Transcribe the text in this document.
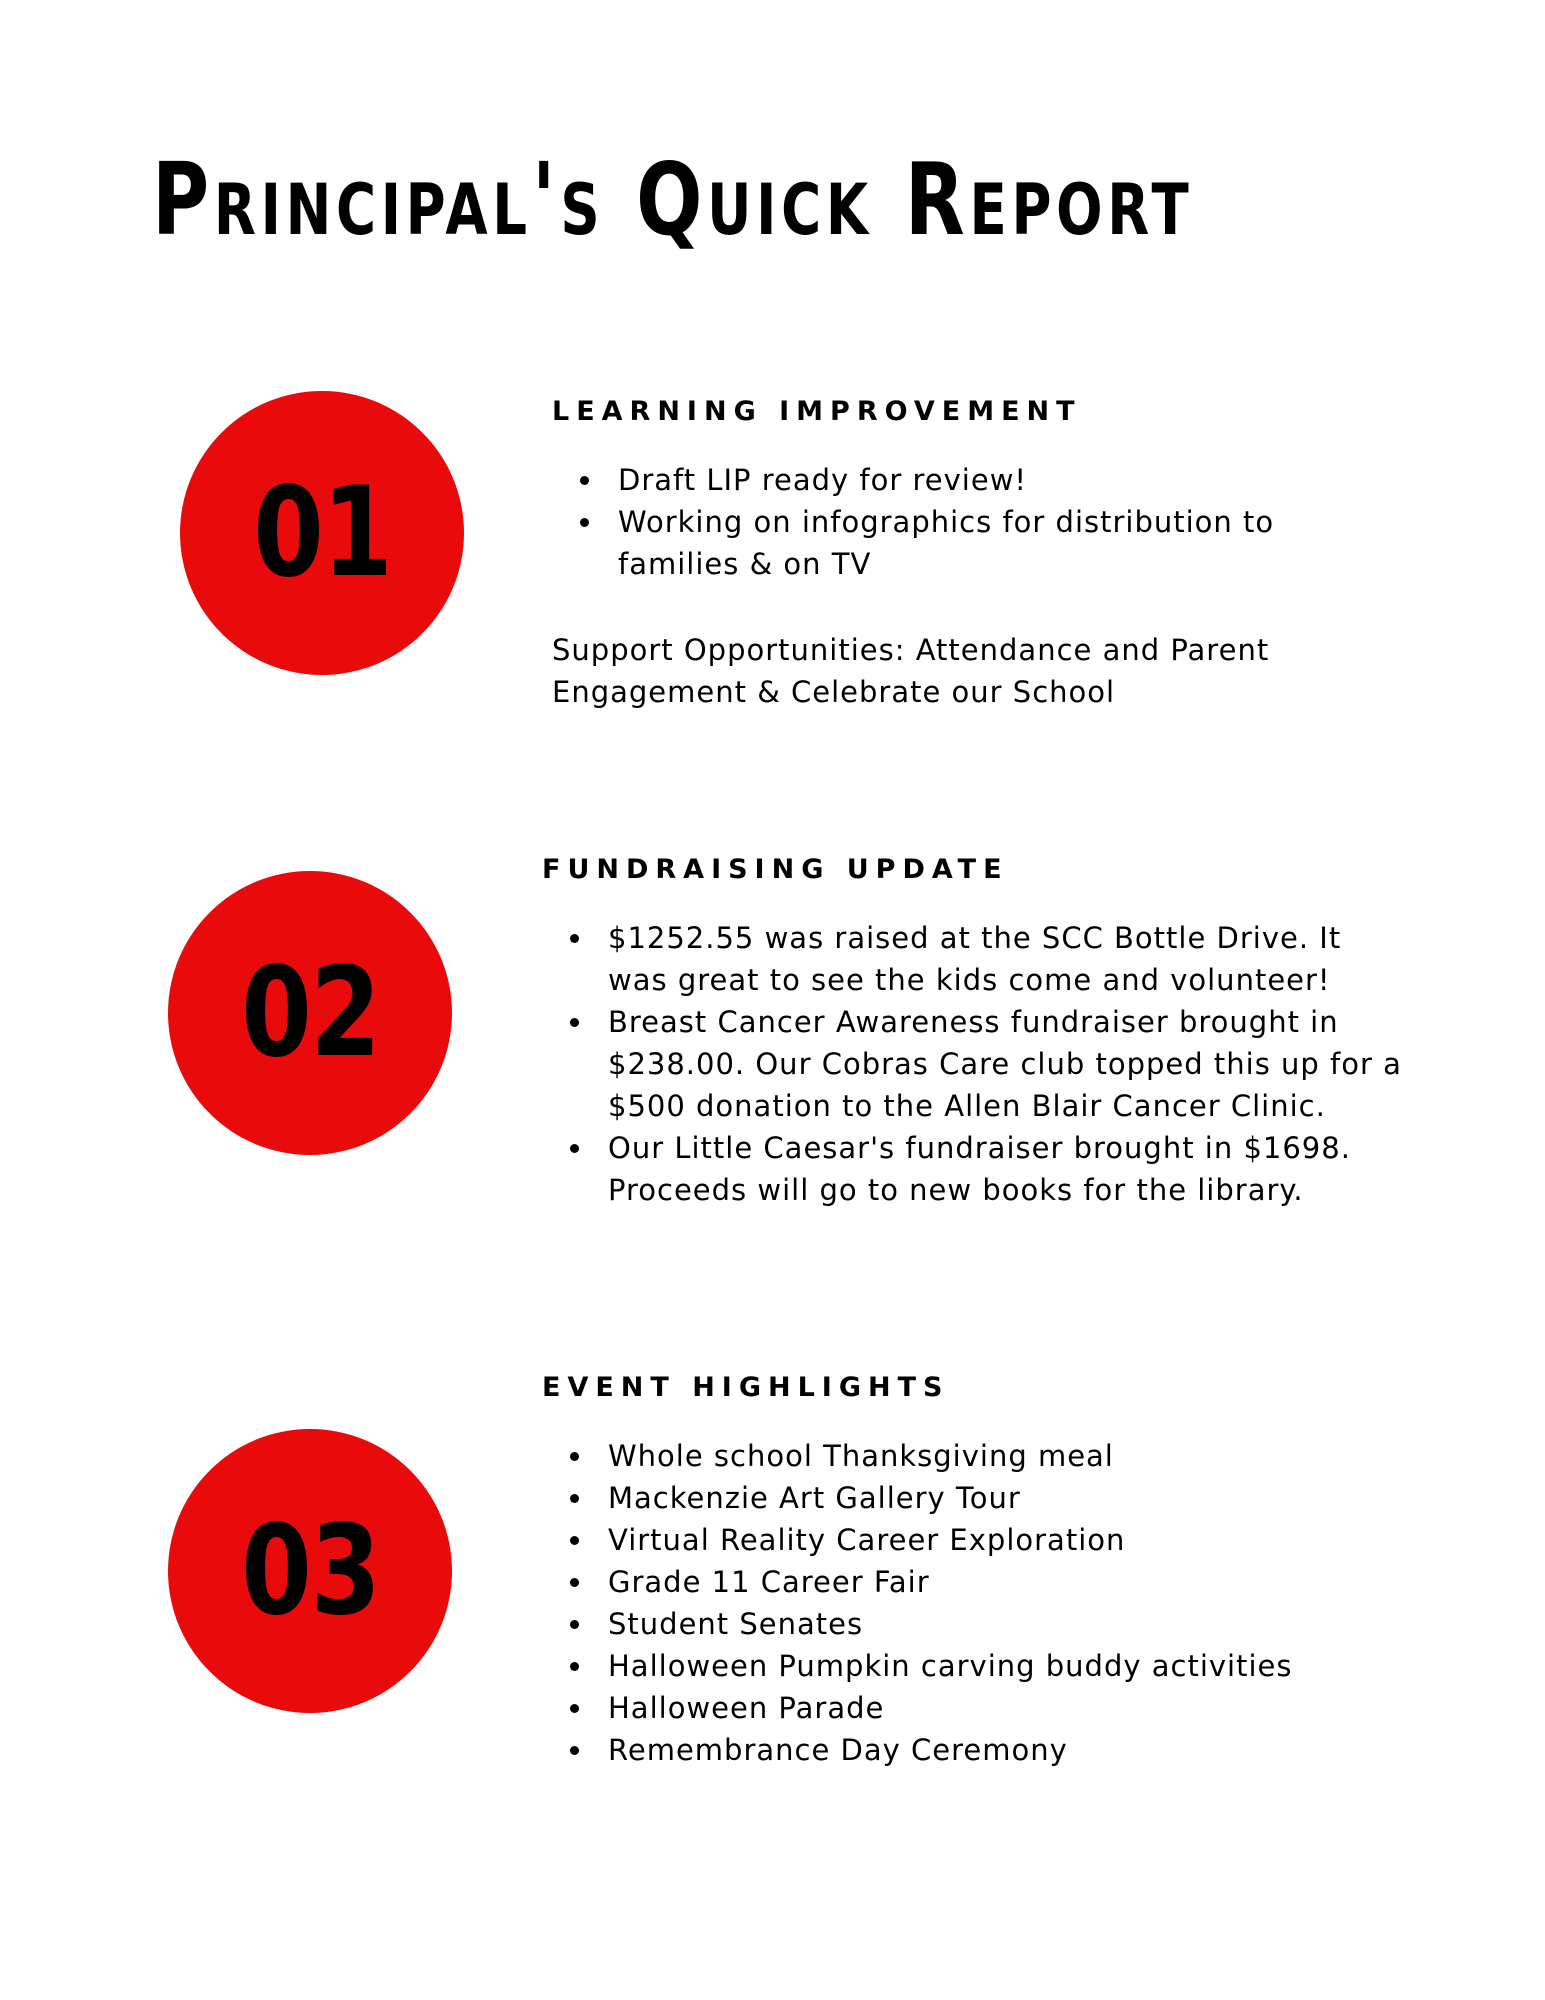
Principal's Quick Report
01
LEARNING IMPROVEMENT
Draft LIP ready for review!
Working on infographics for distribution to families & on TV

Support Opportunities: Attendance and Parent Engagement & Celebrate our School

02
FUNDRAISING UPDATE
$1252.55 was raised at the SCC Bottle Drive. It was great to see the kids come and volunteer!
Breast Cancer Awareness fundraiser brought in $238.00. Our Cobras Care club topped this up for a $500 donation to the Allen Blair Cancer Clinic.
Our Little Caesar's fundraiser brought in $1698. Proceeds will go to new books for the library.
03
EVENT HIGHLIGHTS
Whole school Thanksgiving meal
Mackenzie Art Gallery Tour
Virtual Reality Career Exploration
Grade 11 Career Fair
Student Senates
Halloween Pumpkin carving buddy activities
Halloween Parade
Remembrance Day Ceremony
